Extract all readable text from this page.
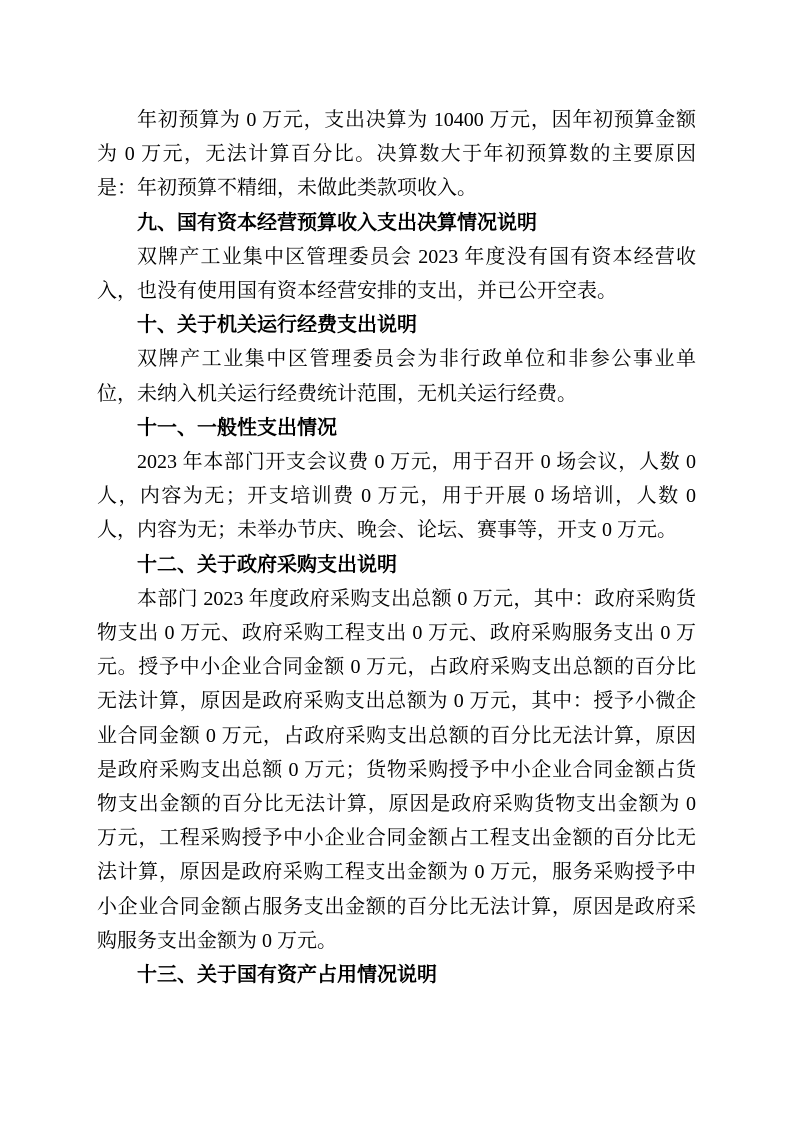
年初预算为 0 万元，支出决算为 10400 万元，因年初预算金额为 0 万元，无法计算百分比。决算数大于年初预算数的主要原因是：年初预算不精细，未做此类款项收入。

九、国有资本经营预算收入支出决算情况说明

双牌产工业集中区管理委员会 2023 年度没有国有资本经营收入，也没有使用国有资本经营安排的支出，并已公开空表。

十、关于机关运行经费支出说明

双牌产工业集中区管理委员会为非行政单位和非参公事业单位，未纳入机关运行经费统计范围，无机关运行经费。

十一、一般性支出情况

2023 年本部门开支会议费 0 万元，用于召开 0 场会议，人数 0 人，内容为无；开支培训费 0 万元，用于开展 0 场培训，人数 0 人，内容为无；未举办节庆、晚会、论坛、赛事等，开支 0 万元。

十二、关于政府采购支出说明

本部门 2023 年度政府采购支出总额 0 万元，其中：政府采购货物支出 0 万元、政府采购工程支出 0 万元、政府采购服务支出 0 万元。授予中小企业合同金额 0 万元，占政府采购支出总额的百分比无法计算，原因是政府采购支出总额为 0 万元，其中：授予小微企业合同金额 0 万元，占政府采购支出总额的百分比无法计算，原因是政府采购支出总额 0 万元；货物采购授予中小企业合同金额占货物支出金额的百分比无法计算，原因是政府采购货物支出金额为 0 万元，工程采购授予中小企业合同金额占工程支出金额的百分比无法计算，原因是政府采购工程支出金额为 0 万元，服务采购授予中小企业合同金额占服务支出金额的百分比无法计算，原因是政府采购服务支出金额为 0 万元。

十三、关于国有资产占用情况说明
